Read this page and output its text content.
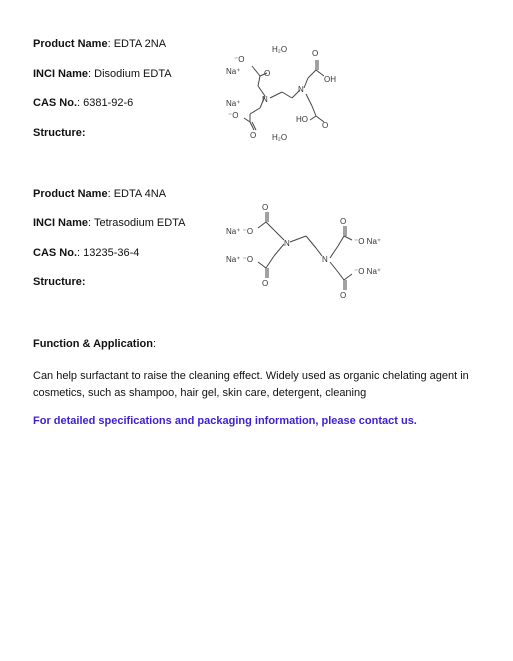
Product Name: EDTA 2NA
INCI Name: Disodium EDTA
CAS No.: 6381-92-6
Structure:
H₂O	O
⁻O
Na⁺	O
OH
N
N
Na⁺
⁻O	HO
O
O H₂O
Product Name: EDTA 4NA
INCI Name: Tetrasodium EDTA
CAS No.: 13235-36-4
Structure:
O
O
Na⁺ ⁻O
⁻O Na⁺
N
Na⁺ ⁻O	N
⁻O Na⁺
O
O
Function & Application:
Can help surfactant to raise the cleaning effect. Widely used as organic chelating agent in cosmetics, such as shampoo, hair gel, skin care, detergent, cleaning
For detailed specifications and packaging information, please contact us.
